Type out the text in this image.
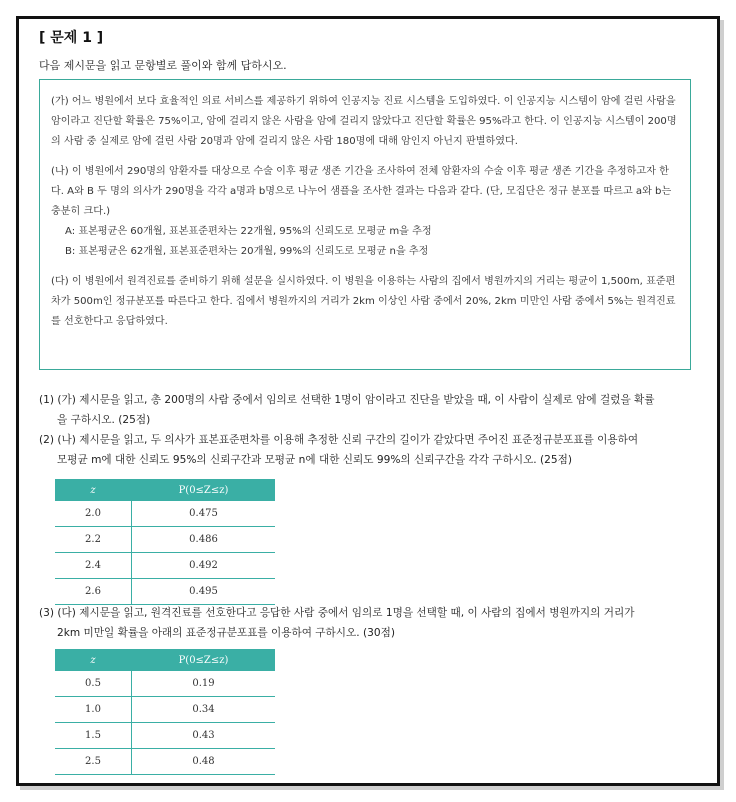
[ 문제 1 ]
다음 제시문을 읽고 문항별로 풀이와 함께 답하시오.

(가) 어느 병원에서 보다 효율적인 의료 서비스를 제공하기 위하여 인공지능 진료 시스템을 도입하였다. 이 인공지능 시스템이 암에 걸린 사람을 암이라고 진단할 확률은 75%이고, 암에 걸리지 않은 사람을 암에 걸리지 않았다고 진단할 확률은 95%라고 한다. 이 인공지능 시스템이 200명의 사람 중 실제로 암에 걸린 사람 20명과 암에 걸리지 않은 사람 180명에 대해 암인지 아닌지 판별하였다.

(나) 이 병원에서 290명의 암환자를 대상으로 수술 이후 평균 생존 기간을 조사하여 전체 암환자의 수술 이후 평균 생존 기간을 추정하고자 한다. A와 B 두 명의 의사가 290명을 각각 a명과 b명으로 나누어 샘플을 조사한 결과는 다음과 같다. (단, 모집단은 정규 분포를 따르고 a와 b는 충분히 크다.)

A: 표본평균은 60개월, 표본표준편차는 22개월, 95%의 신뢰도로 모평균 m을 추정

B: 표본평균은 62개월, 표본표준편차는 20개월, 99%의 신뢰도로 모평균 n을 추정

(다) 이 병원에서 원격진료를 준비하기 위해 설문을 실시하였다. 이 병원을 이용하는 사람의 집에서 병원까지의 거리는 평균이 1,500m, 표준편차가 500m인 정규분포를 따른다고 한다. 집에서 병원까지의 거리가 2km 이상인 사람 중에서 20%, 2km 미만인 사람 중에서 5%는 원격진료를 선호한다고 응답하였다.

(1) (가) 제시문을 읽고, 총 200명의 사람 중에서 임의로 선택한 1명이 암이라고 진단을 받았을 때, 이 사람이 실제로 암에 걸렸을 확률
을 구하시오. (25점)

(2) (나) 제시문을 읽고, 두 의사가 표본표준편차를 이용해 추정한 신뢰 구간의 길이가 같았다면 주어진 표준정규분포표를 이용하여
모평균 m에 대한 신뢰도 95%의 신뢰구간과 모평균 n에 대한 신뢰도 99%의 신뢰구간을 각각 구하시오. (25점)

z	P(0≤Z≤z)
2.0	0.475
2.2	0.486
2.4	0.492
2.6	0.495
(3) (다) 제시문을 읽고, 원격진료를 선호한다고 응답한 사람 중에서 임의로 1명을 선택할 때, 이 사람의 집에서 병원까지의 거리가
2km 미만일 확률을 아래의 표준정규분포표를 이용하여 구하시오. (30점)
z	P(0≤Z≤z)
0.5	0.19
1.0	0.34
1.5	0.43
2.5	0.48
